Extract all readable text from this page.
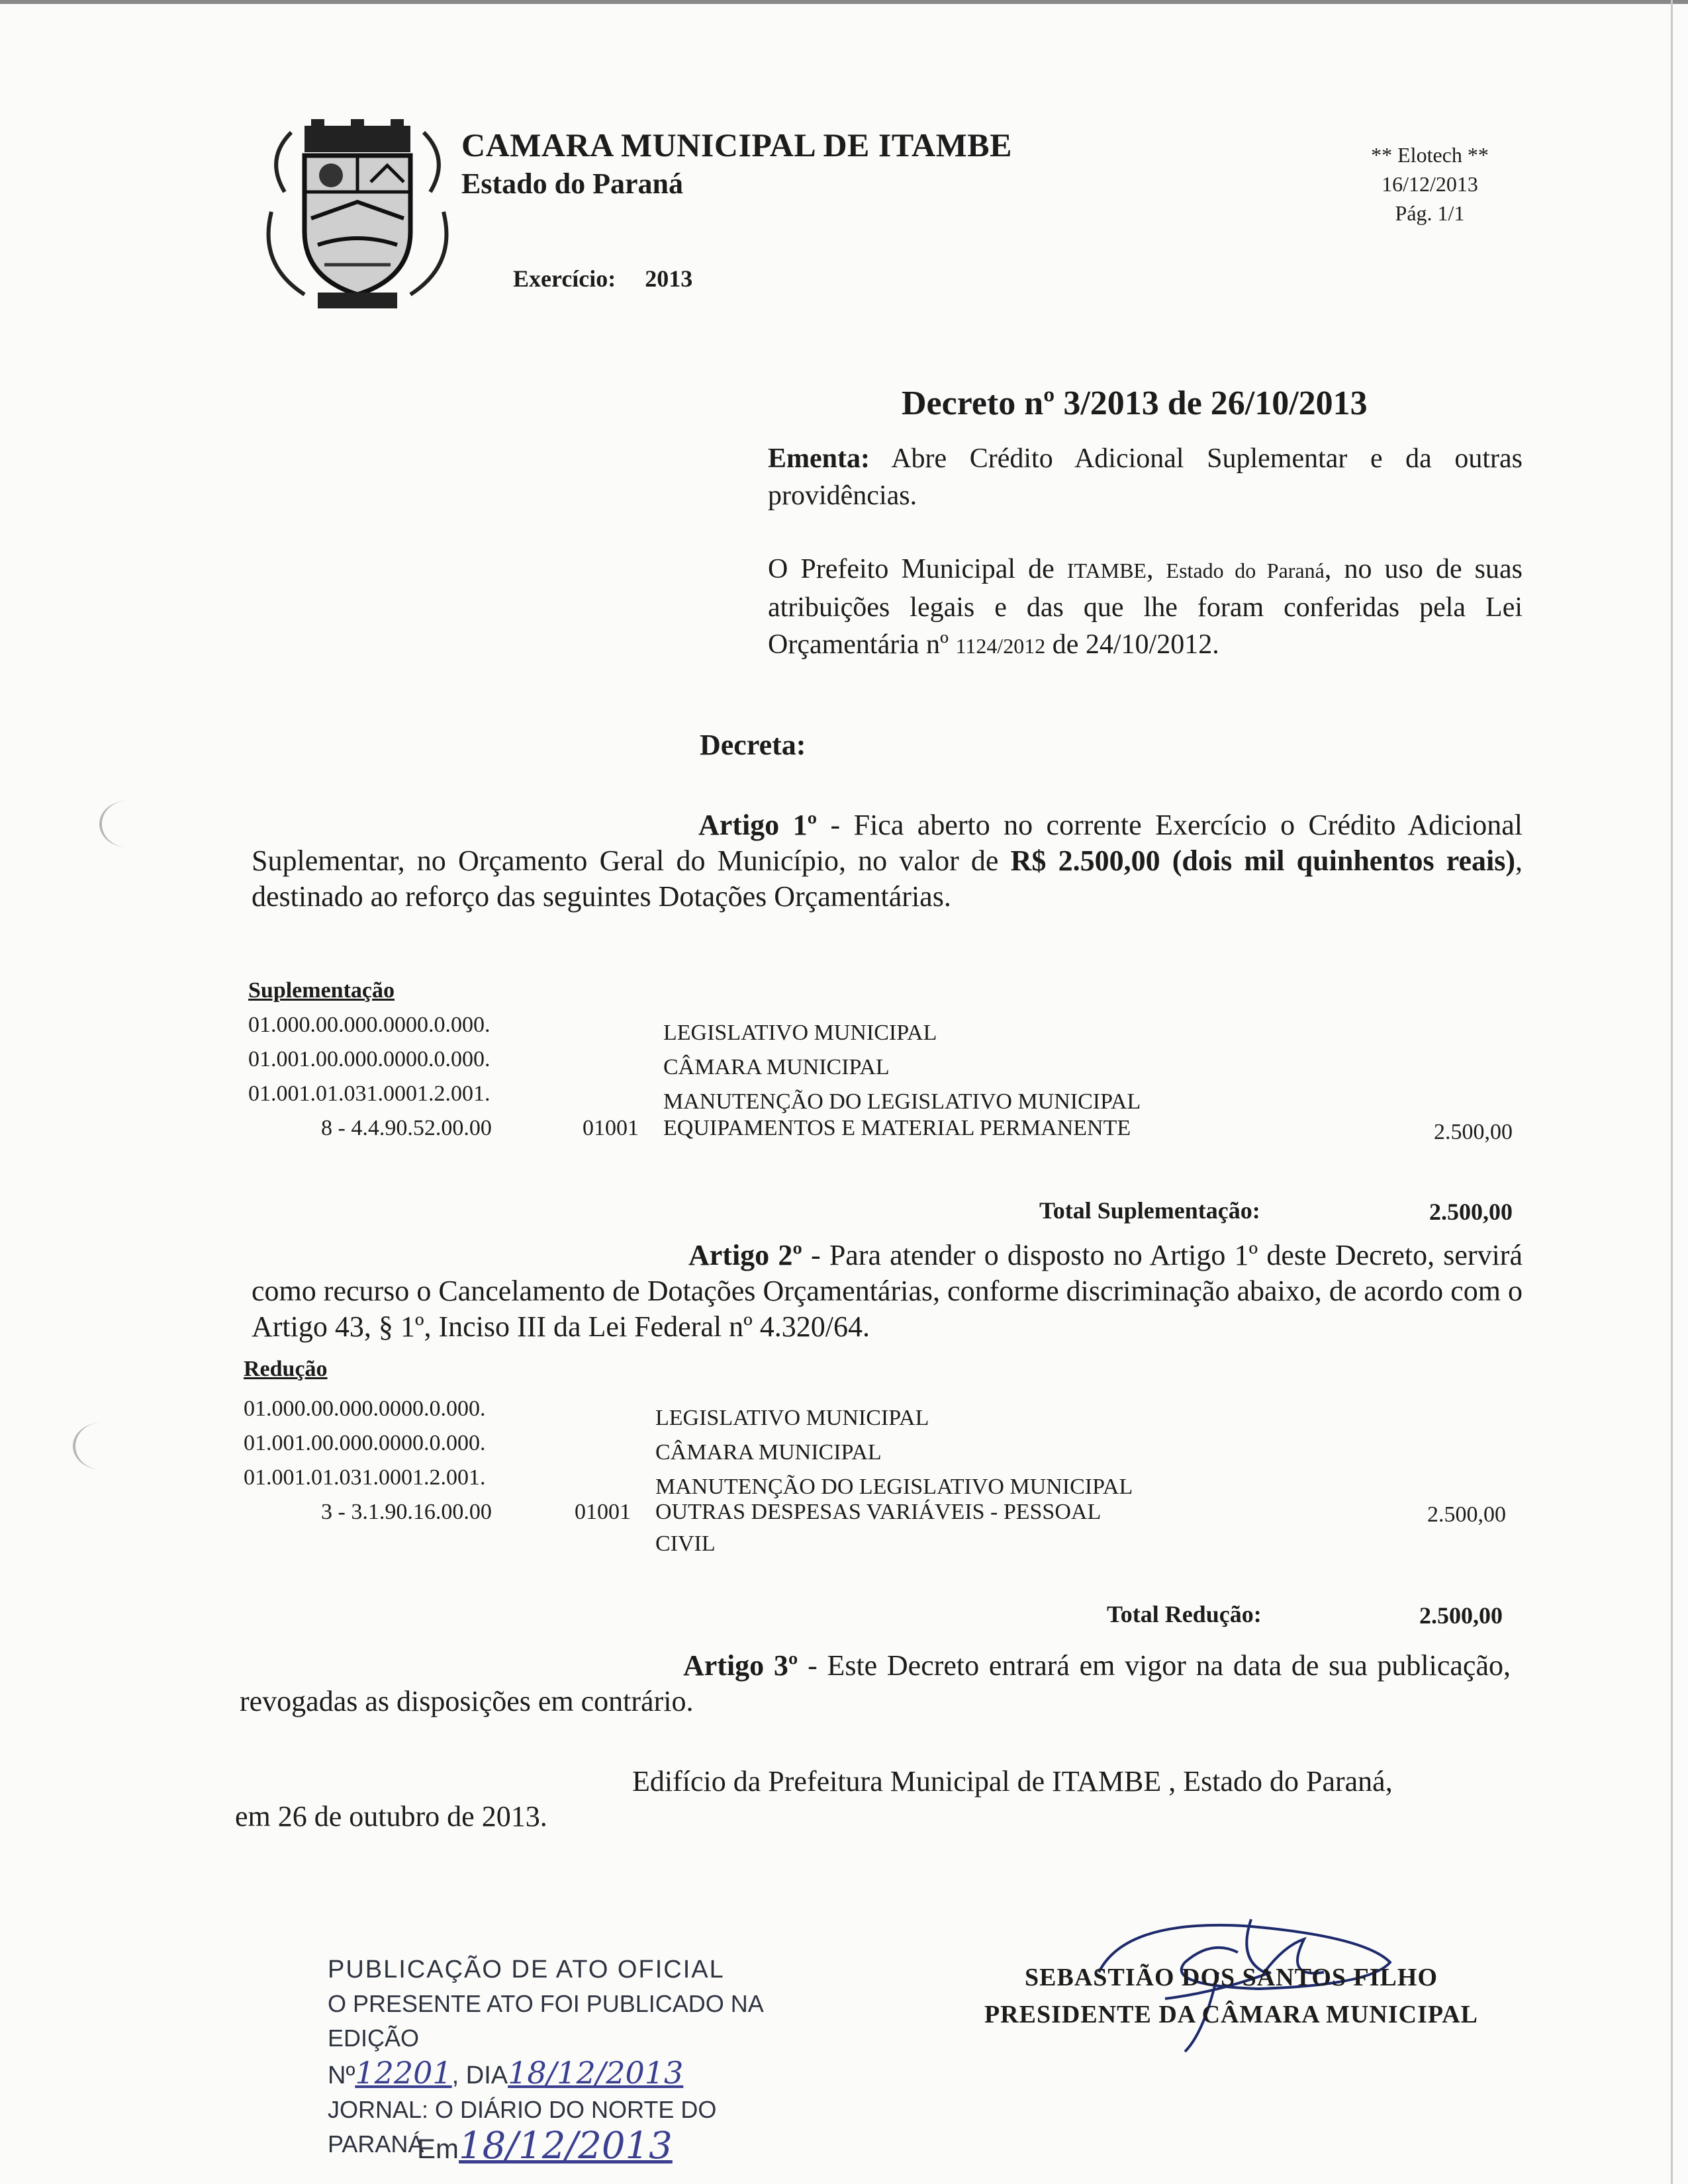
CAMARA MUNICIPAL DE ITAMBE
Estado do Paraná
** Elotech **
16/12/2013
Pág. 1/1
Exercício: 2013
Decreto nº 3/2013 de 26/10/2013
Ementa: Abre Crédito Adicional Suplementar e da outras providências.
O Prefeito Municipal de ITAMBE, Estado do Paraná, no uso de suas atribuições legais e das que lhe foram conferidas pela Lei Orçamentária nº 1124/2012 de 24/10/2012.
Decreta:
Artigo 1º - Fica aberto no corrente Exercício o Crédito Adicional Suplementar, no Orçamento Geral do Município, no valor de R$ 2.500,00 (dois mil quinhentos reais), destinado ao reforço das seguintes Dotações Orçamentárias.
Suplementação
01.000.00.000.0000.0.000.	LEGISLATIVO MUNICIPAL
01.001.00.000.0000.0.000.	CÂMARA MUNICIPAL
01.001.01.031.0001.2.001.	MANUTENÇÃO DO LEGISLATIVO MUNICIPAL
8 - 4.4.90.52.00.00	01001 EQUIPAMENTOS E MATERIAL PERMANENTE	2.500,00
Total Suplementação:	2.500,00
Artigo 2º - Para atender o disposto no Artigo 1º deste Decreto, servirá como recurso o Cancelamento de Dotações Orçamentárias, conforme discriminação abaixo, de acordo com o Artigo 43, § 1º, Inciso III da Lei Federal nº 4.320/64.
Redução
01.000.00.000.0000.0.000.	LEGISLATIVO MUNICIPAL
01.001.00.000.0000.0.000.	CÂMARA MUNICIPAL
01.001.01.031.0001.2.001.	MANUTENÇÃO DO LEGISLATIVO MUNICIPAL
3 - 3.1.90.16.00.00	01001 OUTRAS DESPESAS VARIÁVEIS - PESSOAL	2.500,00
CIVIL
Total Redução:	2.500,00
Artigo 3º - Este Decreto entrará em vigor na data de sua publicação, revogadas as disposições em contrário.
Edifício da Prefeitura Municipal de ITAMBE , Estado do Paraná,
em 26 de outubro de 2013.
SEBASTIÃO DOS SANTOS FILHO
PRESIDENTE DA CÂMARA MUNICIPAL
PUBLICAÇÃO DE ATO OFICIAL
O PRESENTE ATO FOI PUBLICADO NA EDIÇÃO
Nº12201, DIA18/12/2013
JORNAL: O DIÁRIO DO NORTE DO PARANÁ
Em18/12/2013
